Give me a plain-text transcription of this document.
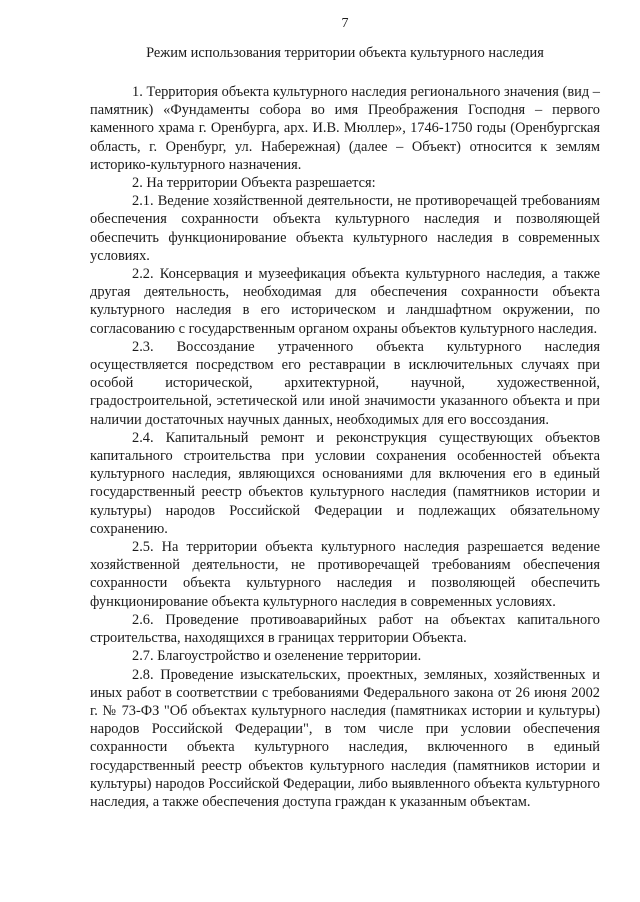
7
Режим использования территории объекта культурного наследия

1. Территория объекта культурного наследия регионального значения (вид – памятник) «Фундаменты собора во имя Преображения Господня – первого каменного храма г. Оренбурга, арх. И.В. Мюллер», 1746-1750 годы (Оренбургская область, г. Оренбург, ул. Набережная) (далее – Объект) относится к землям историко-культурного назначения.

2. На территории Объекта разрешается:

2.1. Ведение хозяйственной деятельности, не противоречащей требованиям обеспечения сохранности объекта культурного наследия и позволяющей обеспечить функционирование объекта культурного наследия в современных условиях.

2.2. Консервация и музеефикация объекта культурного наследия, а также другая деятельность, необходимая для обеспечения сохранности объекта культурного наследия в его историческом и ландшафтном окружении, по согласованию с государственным органом охраны объектов культурного наследия.

2.3. Воссоздание утраченного объекта культурного наследия осуществляется посредством его реставрации в исключительных случаях при особой исторической, архитектурной, научной, художественной, градостроительной, эстетической или иной значимости указанного объекта и при наличии достаточных научных данных, необходимых для его воссоздания.

2.4. Капитальный ремонт и реконструкция существующих объектов капитального строительства при условии сохранения особенностей объекта культурного наследия, являющихся основаниями для включения его в единый государственный реестр объектов культурного наследия (памятников истории и культуры) народов Российской Федерации и подлежащих обязательному сохранению.

2.5. На территории объекта культурного наследия разрешается ведение хозяйственной деятельности, не противоречащей требованиям обеспечения сохранности объекта культурного наследия и позволяющей обеспечить функционирование объекта культурного наследия в современных условиях.

2.6. Проведение противоаварийных работ на объектах капитального строительства, находящихся в границах территории Объекта.

2.7. Благоустройство и озеленение территории.

2.8. Проведение изыскательских, проектных, земляных, хозяйственных и иных работ в соответствии с требованиями Федерального закона от 26 июня 2002 г. № 73-ФЗ "Об объектах культурного наследия (памятниках истории и культуры) народов Российской Федерации", в том числе при условии обеспечения сохранности объекта культурного наследия, включенного в единый государственный реестр объектов культурного наследия (памятников истории и культуры) народов Российской Федерации, либо выявленного объекта культурного наследия, а также обеспечения доступа граждан к указанным объектам.
